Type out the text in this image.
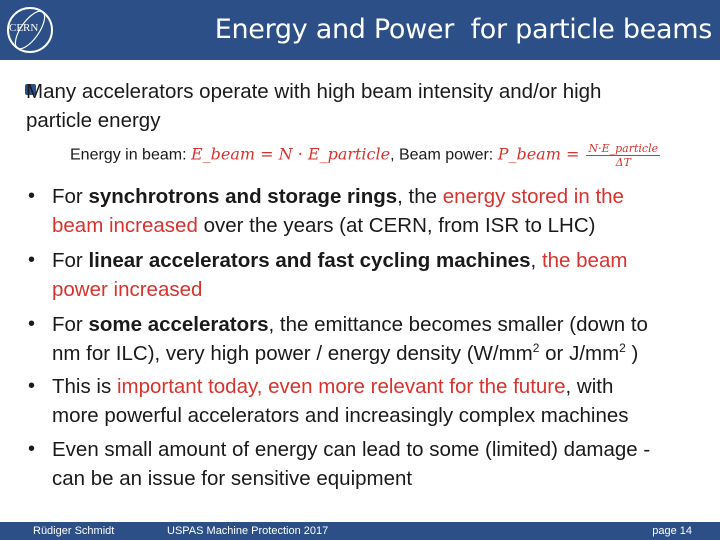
CERN	Energy and Power  for particle beams
Many accelerators operate with high beam intensity and/or high
particle energy
Energy in beam: E_beam = N · E_particle, Beam power: P_beam = $\frac{\text{N·E\_particle}}{\Delta T}$
• For synchrotrons and storage rings, the energy stored in the
beam increased over the years (at CERN, from ISR to LHC)
• For linear accelerators and fast cycling machines, the beam
power increased
• For some accelerators, the emittance becomes smaller (down to
nm for ILC), very high power / energy density ($W/mm^2$ or $J/mm^2$ )
• This is important today, even more relevant for the future, with
more powerful accelerators and increasingly complex machines
• Even small amount of energy can lead to some (limited) damage -
can be an issue for sensitive equipment
Rüdiger Schmidt	USPAS Machine Protection 2017	page 14
